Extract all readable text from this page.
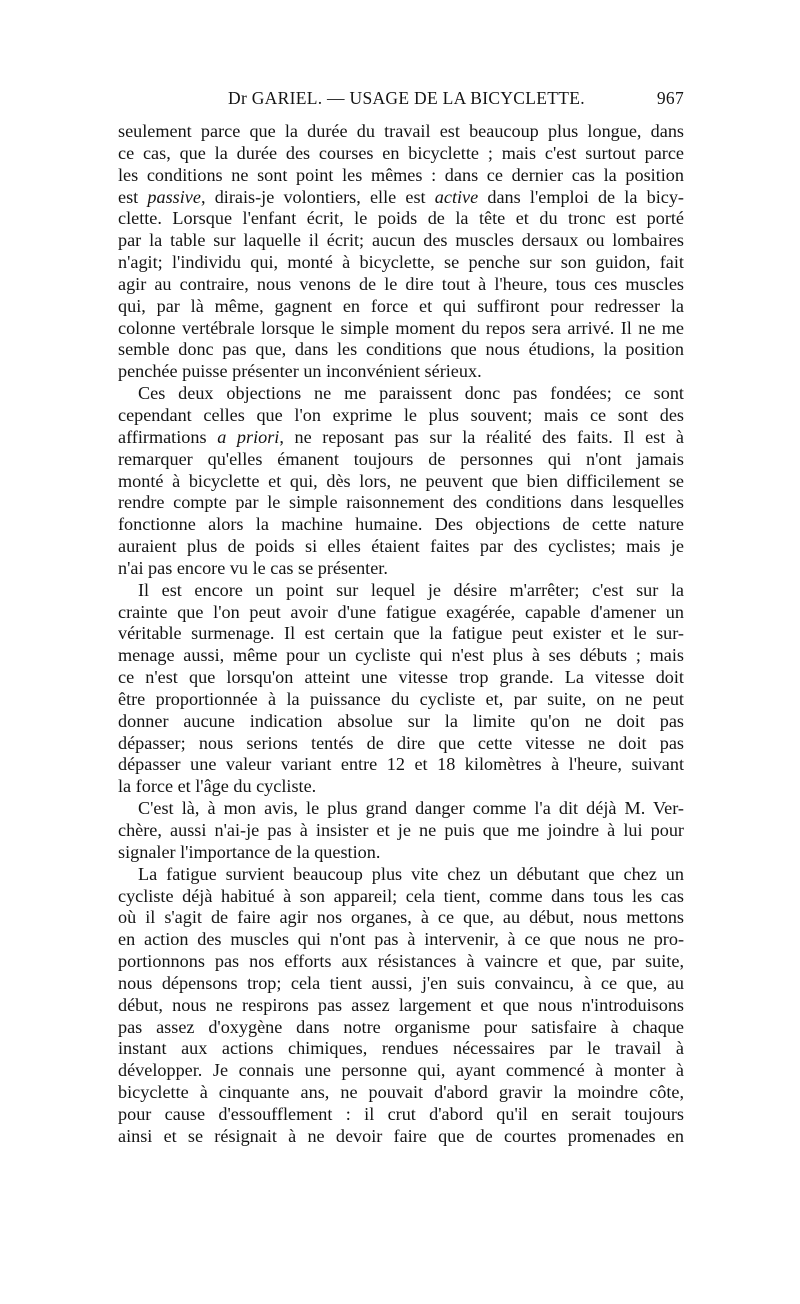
Dr GARIEL. — USAGE DE LA BICYCLETTE.	967

seulement parce que la durée du travail est beaucoup plus longue, dans
ce cas, que la durée des courses en bicyclette ; mais c'est surtout parce
les conditions ne sont point les mêmes : dans ce dernier cas la position
est passive, dirais-je volontiers, elle est active dans l'emploi de la bicy-
clette. Lorsque l'enfant écrit, le poids de la tête et du tronc est porté
par la table sur laquelle il écrit; aucun des muscles dersaux ou lombaires
n'agit; l'individu qui, monté à bicyclette, se penche sur son guidon, fait
agir au contraire, nous venons de le dire tout à l'heure, tous ces muscles
qui, par là même, gagnent en force et qui suffiront pour redresser la
colonne vertébrale lorsque le simple moment du repos sera arrivé. Il ne me
semble donc pas que, dans les conditions que nous étudions, la position
penchée puisse présenter un inconvénient sérieux.

Ces deux objections ne me paraissent donc pas fondées; ce sont
cependant celles que l'on exprime le plus souvent; mais ce sont des
affirmations a priori, ne reposant pas sur la réalité des faits. Il est à
remarquer qu'elles émanent toujours de personnes qui n'ont jamais
monté à bicyclette et qui, dès lors, ne peuvent que bien difficilement se
rendre compte par le simple raisonnement des conditions dans lesquelles
fonctionne alors la machine humaine. Des objections de cette nature
auraient plus de poids si elles étaient faites par des cyclistes; mais je
n'ai pas encore vu le cas se présenter.

Il est encore un point sur lequel je désire m'arrêter; c'est sur la
crainte que l'on peut avoir d'une fatigue exagérée, capable d'amener un
véritable surmenage. Il est certain que la fatigue peut exister et le sur-
menage aussi, même pour un cycliste qui n'est plus à ses débuts ; mais
ce n'est que lorsqu'on atteint une vitesse trop grande. La vitesse doit
être proportionnée à la puissance du cycliste et, par suite, on ne peut
donner aucune indication absolue sur la limite qu'on ne doit pas
dépasser; nous serions tentés de dire que cette vitesse ne doit pas
dépasser une valeur variant entre 12 et 18 kilomètres à l'heure, suivant
la force et l'âge du cycliste.

C'est là, à mon avis, le plus grand danger comme l'a dit déjà M. Ver-
chère, aussi n'ai-je pas à insister et je ne puis que me joindre à lui pour
signaler l'importance de la question.

La fatigue survient beaucoup plus vite chez un débutant que chez un
cycliste déjà habitué à son appareil; cela tient, comme dans tous les cas
où il s'agit de faire agir nos organes, à ce que, au début, nous mettons
en action des muscles qui n'ont pas à intervenir, à ce que nous ne pro-
portionnons pas nos efforts aux résistances à vaincre et que, par suite,
nous dépensons trop; cela tient aussi, j'en suis convaincu, à ce que, au
début, nous ne respirons pas assez largement et que nous n'introduisons
pas assez d'oxygène dans notre organisme pour satisfaire à chaque
instant aux actions chimiques, rendues nécessaires par le travail à
développer. Je connais une personne qui, ayant commencé à monter à
bicyclette à cinquante ans, ne pouvait d'abord gravir la moindre côte,
pour cause d'essoufflement : il crut d'abord qu'il en serait toujours
ainsi et se résignait à ne devoir faire que de courtes promenades en
